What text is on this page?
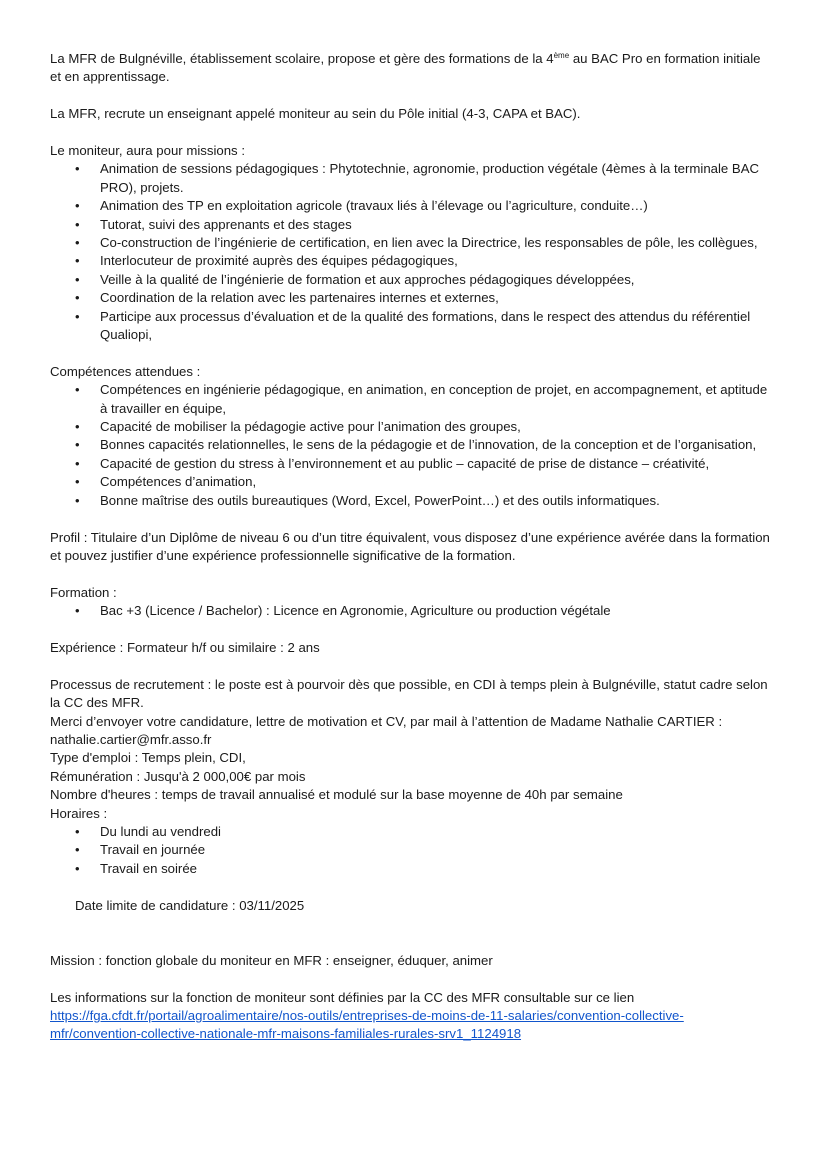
La MFR de Bulgnéville, établissement scolaire, propose et gère des formations de la 4ème au BAC Pro en formation initiale et en apprentissage.

La MFR, recrute un enseignant appelé moniteur au sein du Pôle initial (4-3, CAPA et BAC).

Le moniteur, aura pour missions :

• Animation de sessions pédagogiques : Phytotechnie, agronomie, production végétale (4èmes à la terminale BAC PRO), projets.
• Animation des TP en exploitation agricole (travaux liés à l’élevage ou l’agriculture, conduite…)
• Tutorat, suivi des apprenants et des stages
• Co-construction de l’ingénierie de certification, en lien avec la Directrice, les responsables de pôle, les collègues,
• Interlocuteur de proximité auprès des équipes pédagogiques,
• Veille à la qualité de l’ingénierie de formation et aux approches pédagogiques développées,
• Coordination de la relation avec les partenaires internes et externes,
• Participe aux processus d’évaluation et de la qualité des formations, dans le respect des attendus du référentiel Qualiopi,

Compétences attendues :

• Compétences en ingénierie pédagogique, en animation, en conception de projet, en accompagnement, et aptitude à travailler en équipe,
• Capacité de mobiliser la pédagogie active pour l’animation des groupes,
• Bonnes capacités relationnelles, le sens de la pédagogie et de l’innovation, de la conception et de l’organisation,
• Capacité de gestion du stress à l’environnement et au public – capacité de prise de distance – créativité,
• Compétences d’animation,
• Bonne maîtrise des outils bureautiques (Word, Excel, PowerPoint…) et des outils informatiques.

Profil : Titulaire d’un Diplôme de niveau 6 ou d’un titre équivalent, vous disposez d’une expérience avérée dans la formation et pouvez justifier d’une expérience professionnelle significative de la formation.

Formation :

• Bac +3 (Licence / Bachelor) : Licence en Agronomie, Agriculture ou production végétale

Expérience : Formateur h/f ou similaire : 2 ans

Processus de recrutement : le poste est à pourvoir dès que possible, en CDI à temps plein à Bulgnéville, statut cadre selon la CC des MFR.

Merci d’envoyer votre candidature, lettre de motivation et CV, par mail à l’attention de Madame Nathalie CARTIER : nathalie.cartier@mfr.asso.fr

Type d'emploi : Temps plein, CDI,

Rémunération : Jusqu'à 2 000,00€ par mois

Nombre d'heures : temps de travail annualisé et modulé sur la base moyenne de 40h par semaine

Horaires :

• Du lundi au vendredi
• Travail en journée
• Travail en soirée

Date limite de candidature : 03/11/2025

Mission : fonction globale du moniteur en MFR : enseigner, éduquer, animer

Les informations sur la fonction de moniteur sont définies par la CC des MFR consultable sur ce lien

https://fga.cfdt.fr/portail/agroalimentaire/nos-outils/entreprises-de-moins-de-11-salaries/convention-collective-mfr/convention-collective-nationale-mfr-maisons-familiales-rurales-srv1_1124918
